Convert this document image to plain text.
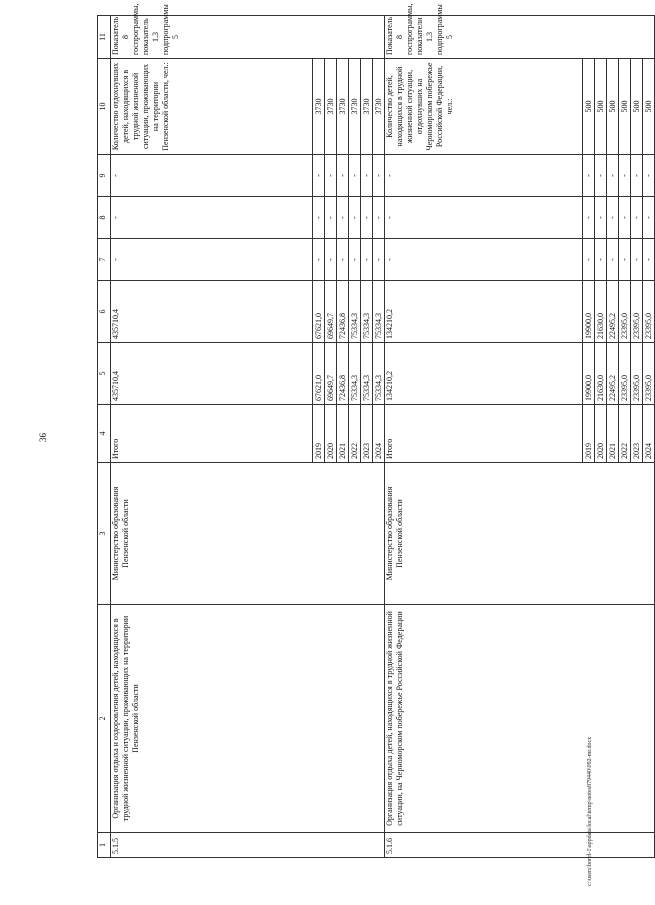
36
1	2	3	4	5	6	7	8	9	10	11
5.1.5	Организация отдыха и оздоровления детей, находящихся в трудной жизненной ситуации, проживающих на территории Пензенской области	Министерство образования Пензенской области	Итого	435710,4	435710,4	-	-	-	Количество отдохнувших детей, находящихся в трудной жизненной ситуации, проживающих на территории Пензенской области, чел.:	Показатель 8 госпрограммы, показатель 1.3 подпрограммы 5
			2019	67621,0	67621,0	-	-	-	3730	
			2020	69649,7	69649,7	-	-	-	3730	
			2021	72436,8	72436,8	-	-	-	3730	
			2022	75334,3	75334,3	-	-	-	3730	
			2023	75334,3	75334,3	-	-	-	3730	
			2024	75334,3	75334,3	-	-	-	3730	
5.1.6	Организация отдыха детей, находящихся в трудной жизненной ситуации, на Черноморском побережье Российской Федерации	Министерство образования Пензенской области	Итого	134210,2	134210,2	-	-	-	Количество детей, находящихся в трудной жизненной ситуации, отдохнувших на Черноморском побережье Российской Федерации, чел.:	Показатель 8 госпрограммы, показатели 1.3 подпрограммы 5
			2019	19900,0	19900,0	-	-	-	500	
			2020	21630,0	21630,0	-	-	-	500	
			2021	22495,2	22495,2	-	-	-	500	
			2022	23395,0	23395,0	-	-	-	500	
			2023	23395,0	23395,0	-	-	-	500	
			2024	23395,0	23395,0	-	-	-	500	
c:\users\borel-1\appdata\local\temp\notes879440\092-mr.docx
